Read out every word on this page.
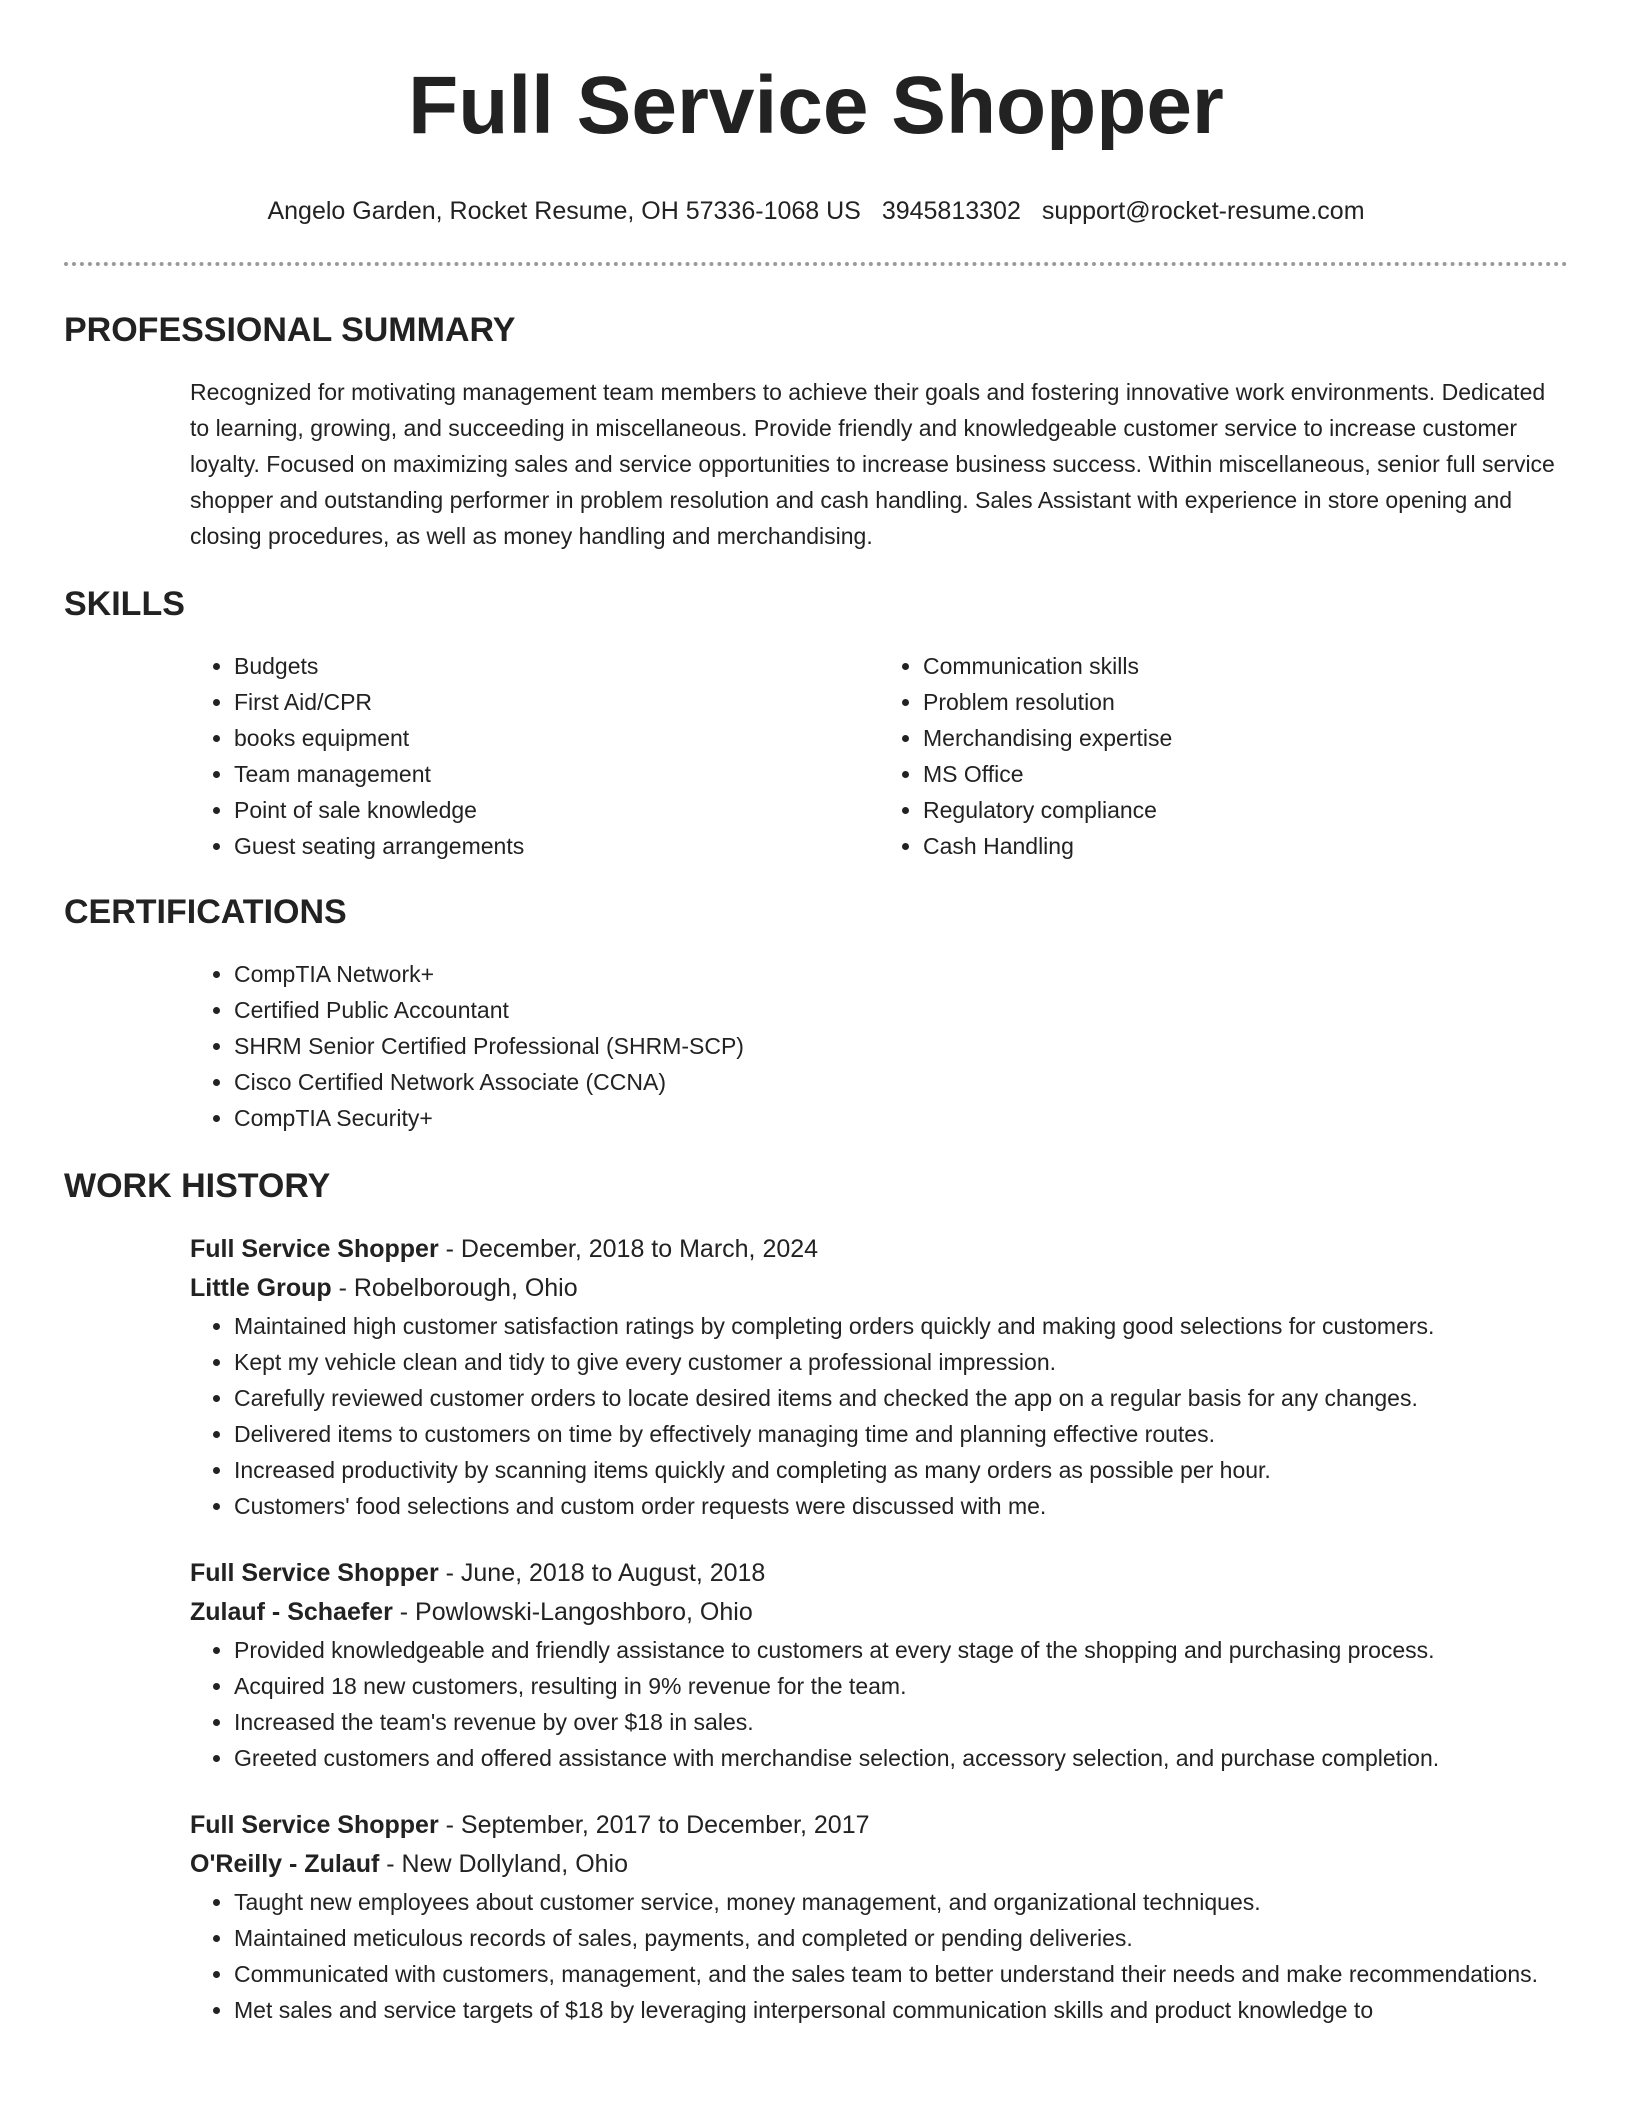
Full Service Shopper
Angelo Garden, Rocket Resume, OH 57336-1068 US 3945813302 support@rocket-resume.com
PROFESSIONAL SUMMARY
Recognized for motivating management team members to achieve their goals and fostering innovative work environments. Dedicated to learning, growing, and succeeding in miscellaneous. Provide friendly and knowledgeable customer service to increase customer loyalty. Focused on maximizing sales and service opportunities to increase business success. Within miscellaneous, senior full service shopper and outstanding performer in problem resolution and cash handling. Sales Assistant with experience in store opening and closing procedures, as well as money handling and merchandising.
SKILLS
• Budgets
• First Aid/CPR
• books equipment
• Team management
• Point of sale knowledge
• Guest seating arrangements
• Communication skills
• Problem resolution
• Merchandising expertise
• MS Office
• Regulatory compliance
• Cash Handling
CERTIFICATIONS
• CompTIA Network+
• Certified Public Accountant
• SHRM Senior Certified Professional (SHRM-SCP)
• Cisco Certified Network Associate (CCNA)
• CompTIA Security+
WORK HISTORY
Full Service Shopper - December, 2018 to March, 2024
Little Group - Robelborough, Ohio
• Maintained high customer satisfaction ratings by completing orders quickly and making good selections for customers.
• Kept my vehicle clean and tidy to give every customer a professional impression.
• Carefully reviewed customer orders to locate desired items and checked the app on a regular basis for any changes.
• Delivered items to customers on time by effectively managing time and planning effective routes.
• Increased productivity by scanning items quickly and completing as many orders as possible per hour.
• Customers' food selections and custom order requests were discussed with me.
Full Service Shopper - June, 2018 to August, 2018
Zulauf - Schaefer - Powlowski-Langoshboro, Ohio
• Provided knowledgeable and friendly assistance to customers at every stage of the shopping and purchasing process.
• Acquired 18 new customers, resulting in 9% revenue for the team.
• Increased the team's revenue by over $18 in sales.
• Greeted customers and offered assistance with merchandise selection, accessory selection, and purchase completion.
Full Service Shopper - September, 2017 to December, 2017
O'Reilly - Zulauf - New Dollyland, Ohio
• Taught new employees about customer service, money management, and organizational techniques.
• Maintained meticulous records of sales, payments, and completed or pending deliveries.
• Communicated with customers, management, and the sales team to better understand their needs and make recommendations.
• Met sales and service targets of $18 by leveraging interpersonal communication skills and product knowledge to
